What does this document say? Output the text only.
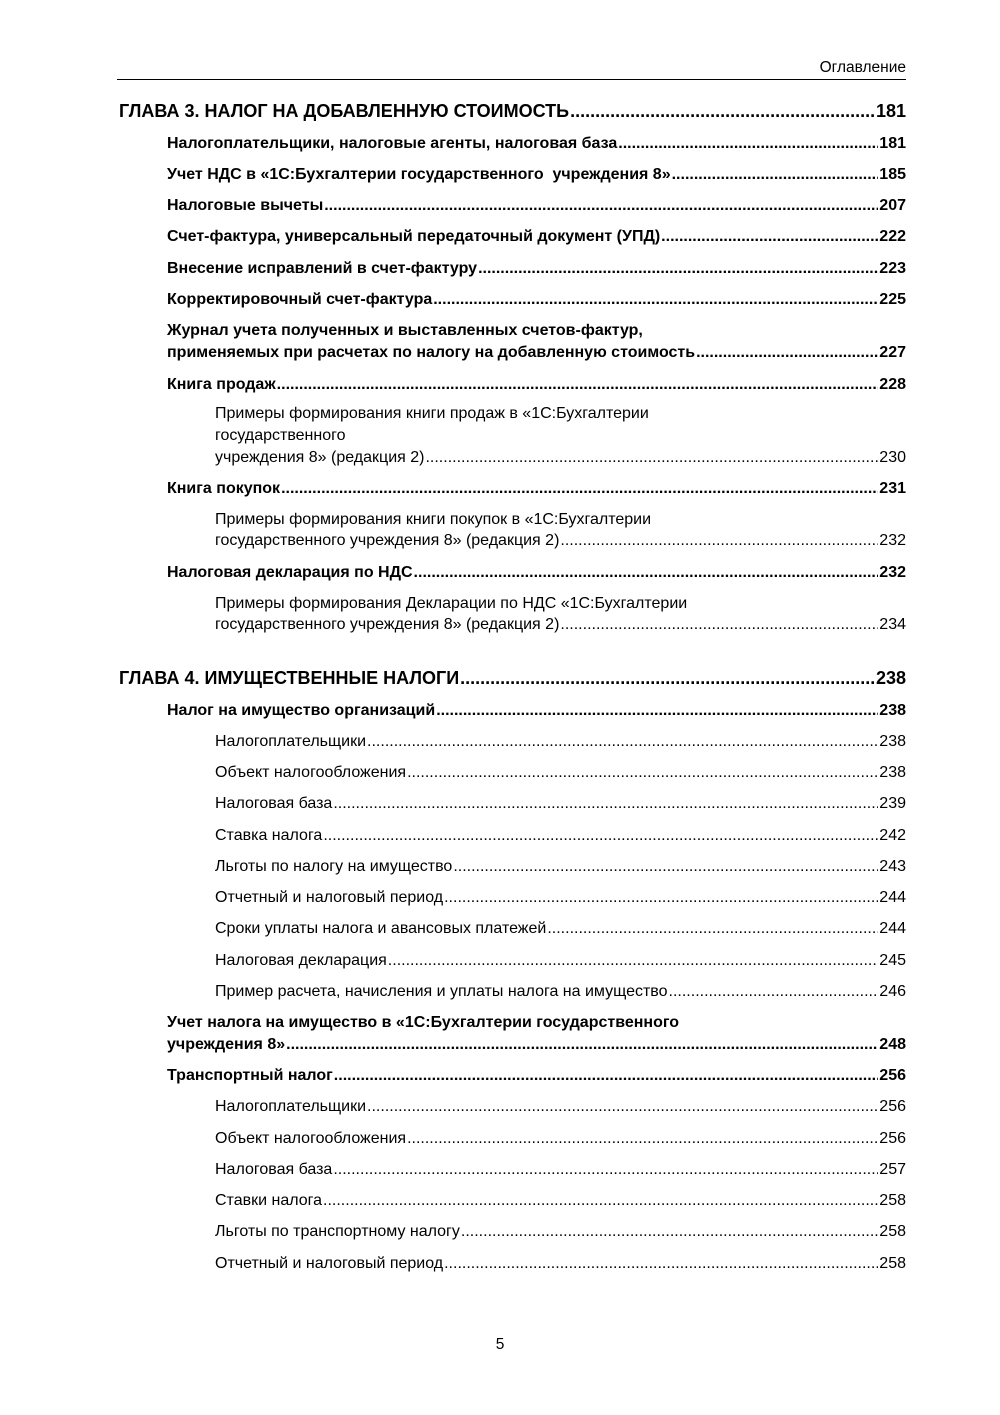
Оглавление
ГЛАВА 3. НАЛОГ НА ДОБАВЛЕННУЮ СТОИМОСТЬ .....	181
Налогоплательщики, налоговые агенты, налоговая база .....	181
Учет НДС в «1С:Бухгалтерии государственного  учреждения 8» .....	185
Налоговые вычеты .....	207
Счет-фактура, универсальный передаточный документ (УПД) .....	222
Внесение исправлений в счет-фактуру .....	223
Корректировочный счет-фактура .....	225
Журнал учета полученных и выставленных счетов-фактур,
применяемых при расчетах по налогу на добавленную стоимость .....	227
Книга продаж .....	228
Примеры формирования книги продаж в «1С:Бухгалтерии
государственного
учреждения 8» (редакция 2) .....	230
Книга покупок .....	231
Примеры формирования книги покупок в «1С:Бухгалтерии
государственного учреждения 8» (редакция 2) .....	232
Налоговая декларация по НДС .....	232
Примеры формирования Декларации по НДС «1С:Бухгалтерии
государственного учреждения 8» (редакция 2) .....	234
ГЛАВА 4. ИМУЩЕСТВЕННЫЕ НАЛОГИ .....	238
Налог на имущество организаций .....	238
Налогоплательщики .....	238
Объект налогообложения .....	238
Налоговая база .....	239
Ставка налога .....	242
Льготы по налогу на имущество .....	243
Отчетный и налоговый период .....	244
Сроки уплаты налога и авансовых платежей .....	244
Налоговая декларация .....	245
Пример расчета, начисления и уплаты налога на имущество .....	246
Учет налога на имущество в «1С:Бухгалтерии государственного
учреждения 8» .....	248
Транспортный налог .....	256
Налогоплательщики .....	256
Объект налогообложения .....	256
Налоговая база .....	257
Ставки налога .....	258
Льготы по транспортному налогу .....	258
Отчетный и налоговый период .....	258
5
